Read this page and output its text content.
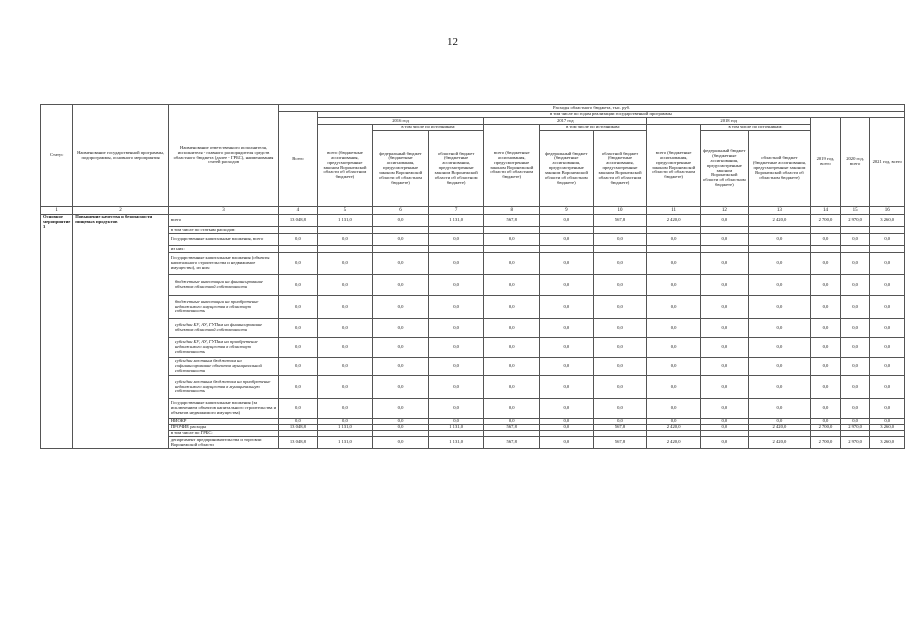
12
Статус	Наименование государственной программы, подпрограммы, основного мероприятия	Наименование ответственного исполнителя, исполнителя - главного распорядителя средств областного бюджета (далее - ГРБС), наименования статей расходов	Расходы областного бюджета, тыс. руб.												
			Всего	в том числе по годам реализации государственной программы											
				2016 год			2017 год			2018 год			2019 год, всего	2020 год, всего	2021 год, всего
				всего (бюджетные ассигнования, предусмотренные законом Воронежской области об областном бюджете)	в том числе по источникам:		всего (бюджетные ассигнования, предусмотренные законом Воронежской области об областном бюджете)	в том числе по источникам:		всего (бюджетные ассигнования, предусмотренные законом Воронежской области об областном бюджете)	в том числе по источникам:				
					федеральный бюджет (бюджетные ассигнования, предусмотренные законом Воронежской области об областном бюджете)	областной бюджет (бюджетные ассигнования, предусмотренные законом Воронежской области об областном бюджете)		федеральный бюджет (бюджетные ассигнования, предусмотренные законом Воронежской области об областном бюджете)	областной бюджет (бюджетные ассигнования, предусмотренные законом Воронежской области об областном бюджете)		федеральный бюджет (бюджетные ассигнования, предусмотренные законом Воронежской области об областном бюджете)	областной бюджет (бюджетные ассигнования, предусмотренные законом Воронежской области об областном бюджете)			
1	2	3	4	5	6	7	8	9	10	11	12	13	14	15	16
Основное мероприятие 3	Повышение качества и безопасности пищевых продуктов	всего	13 048,8	1 131,0	0,0	1 131,0	567,8	0,0	567,8	2 420,0	0,0	2 420,0	2 700,0	2 970,0	3 260,0
		в том числе по статьям расходов:													
		Государственные капитальные вложения, всего	0,0	0,0	0,0	0,0	0,0	0,0	0,0	0,0	0,0	0,0	0,0	0,0	0,0
		из них:													
		Государственные капитальные вложения (объекты капитального строительства и недвижимое имущество), из них:	0,0	0,0	0,0	0,0	0,0	0,0	0,0	0,0	0,0	0,0	0,0	0,0	0,0
		бюджетные инвестиции на финансирование объектов областной собственности	0,0	0,0	0,0	0,0	0,0	0,0	0,0	0,0	0,0	0,0	0,0	0,0	0,0
		бюджетные инвестиции на приобретение недвижимого имущества в областную собственность	0,0	0,0	0,0	0,0	0,0	0,0	0,0	0,0	0,0	0,0	0,0	0,0	0,0
		субсидии БУ, АУ, ГУПам на финансирование объектов областной собственности	0,0	0,0	0,0	0,0	0,0	0,0	0,0	0,0	0,0	0,0	0,0	0,0	0,0
		субсидии БУ, АУ, ГУПам на приобретение недвижимого имущества в областную собственность	0,0	0,0	0,0	0,0	0,0	0,0	0,0	0,0	0,0	0,0	0,0	0,0	0,0
		субсидии местным бюджетам на софинансирование объектов муниципальной собственности	0,0	0,0	0,0	0,0	0,0	0,0	0,0	0,0	0,0	0,0	0,0	0,0	0,0
		субсидии местным бюджетам на приобретение недвижимого имущества в муниципальную собственность	0,0	0,0	0,0	0,0	0,0	0,0	0,0	0,0	0,0	0,0	0,0	0,0	0,0
		Государственные капитальные вложения (за исключением объектов капитального строительства и объектов недвижимого имущества)	0,0	0,0	0,0	0,0	0,0	0,0	0,0	0,0	0,0	0,0	0,0	0,0	0,0
		НИОКР	0,0	0,0	0,0	0,0	0,0	0,0	0,0	0,0	0,0	0,0	0,0	0,0	0,0
		ПРОЧИЕ расходы	13 048,8	1 131,0	0,0	1 131,0	567,8	0,0	567,8	2 420,0	0,0	2 420,0	2 700,0	2 970,0	3 260,0
		в том числе по ГРБС:													
		департамент предпринимательства и торговли Воронежской области	13 048,8	1 131,0	0,0	1 131,0	567,8	0,0	567,8	2 420,0	0,0	2 420,0	2 700,0	2 970,0	3 260,0
